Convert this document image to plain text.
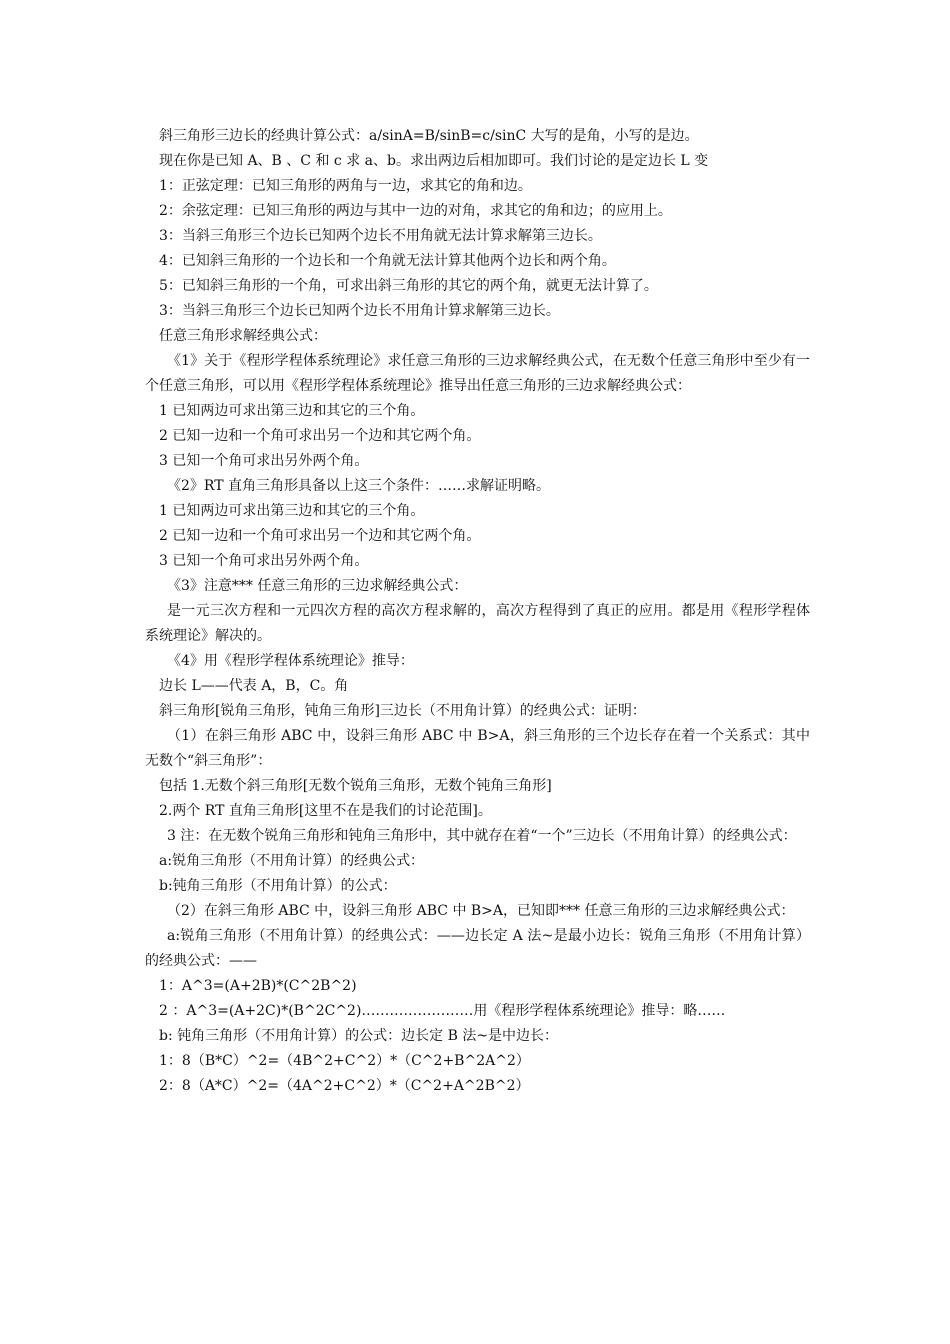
斜三角形三边长的经典计算公式：a/sinA=B/sinB=c/sinC 大写的是角，小写的是边。

现在你是已知 A、B 、C 和 c 求 a、b。求出两边后相加即可。我们讨论的是定边长 L 变

1：正弦定理：已知三角形的两角与一边，求其它的角和边。

2：余弦定理：已知三角形的两边与其中一边的对角，求其它的角和边；的应用上。

3：当斜三角形三个边长已知两个边长不用角就无法计算求解第三边长。

4：已知斜三角形的一个边长和一个角就无法计算其他两个边长和两个角。

5：已知斜三角形的一个角，可求出斜三角形的其它的两个角，就更无法计算了。

3：当斜三角形三个边长已知两个边长不用角计算求解第三边长。

任意三角形求解经典公式：

《1》关于《程形学程体系统理论》求任意三角形的三边求解经典公式，在无数个任意三角形中至少有一个任意三角形，可以用《程形学程体系统理论》推导出任意三角形的三边求解经典公式：

1 已知两边可求出第三边和其它的三个角。

2 已知一边和一个角可求出另一个边和其它两个角。

3 已知一个角可求出另外两个角。

《2》RT 直角三角形具备以上这三个条件：……求解证明略。

1 已知两边可求出第三边和其它的三个角。

2 已知一边和一个角可求出另一个边和其它两个角。

3 已知一个角可求出另外两个角。

《3》注意*** 任意三角形的三边求解经典公式：

是一元三次方程和一元四次方程的高次方程求解的，高次方程得到了真正的应用。都是用《程形学程体系统理论》解决的。

《4》用《程形学程体系统理论》推导：

边长 L——代表 A，B，C。角

斜三角形[锐角三角形，钝角三角形]三边长（不用角计算）的经典公式：证明：

（1）在斜三角形 ABC 中，设斜三角形 ABC 中 B>A，斜三角形的三个边长存在着一个关系式：其中无数个“斜三角形”：

包括 1.无数个斜三角形[无数个锐角三角形，无数个钝角三角形]

2.两个 RT 直角三角形[这里不在是我们的讨论范围]。

3 注：在无数个锐角三角形和钝角三角形中，其中就存在着“一个”三边长（不用角计算）的经典公式：

a:锐角三角形（不用角计算）的经典公式：

b:钝角三角形（不用角计算）的公式：

（2）在斜三角形 ABC 中，设斜三角形 ABC 中 B>A，已知即*** 任意三角形的三边求解经典公式：

a:锐角三角形（不用角计算）的经典公式：——边长定 A 法~是最小边长：锐角三角形（不用角计算）的经典公式：——

1：A^3=(A+2B)*(C^2B^2)

2 ：A^3=(A+2C)*(B^2C^2)……………………用《程形学程体系统理论》推导：略……

b: 钝角三角形（不用角计算）的公式：边长定 B 法~是中边长：

1：8（B*C）^2=（4B^2+C^2）*（C^2+B^2A^2）

2：8（A*C）^2=（4A^2+C^2）*（C^2+A^2B^2）
